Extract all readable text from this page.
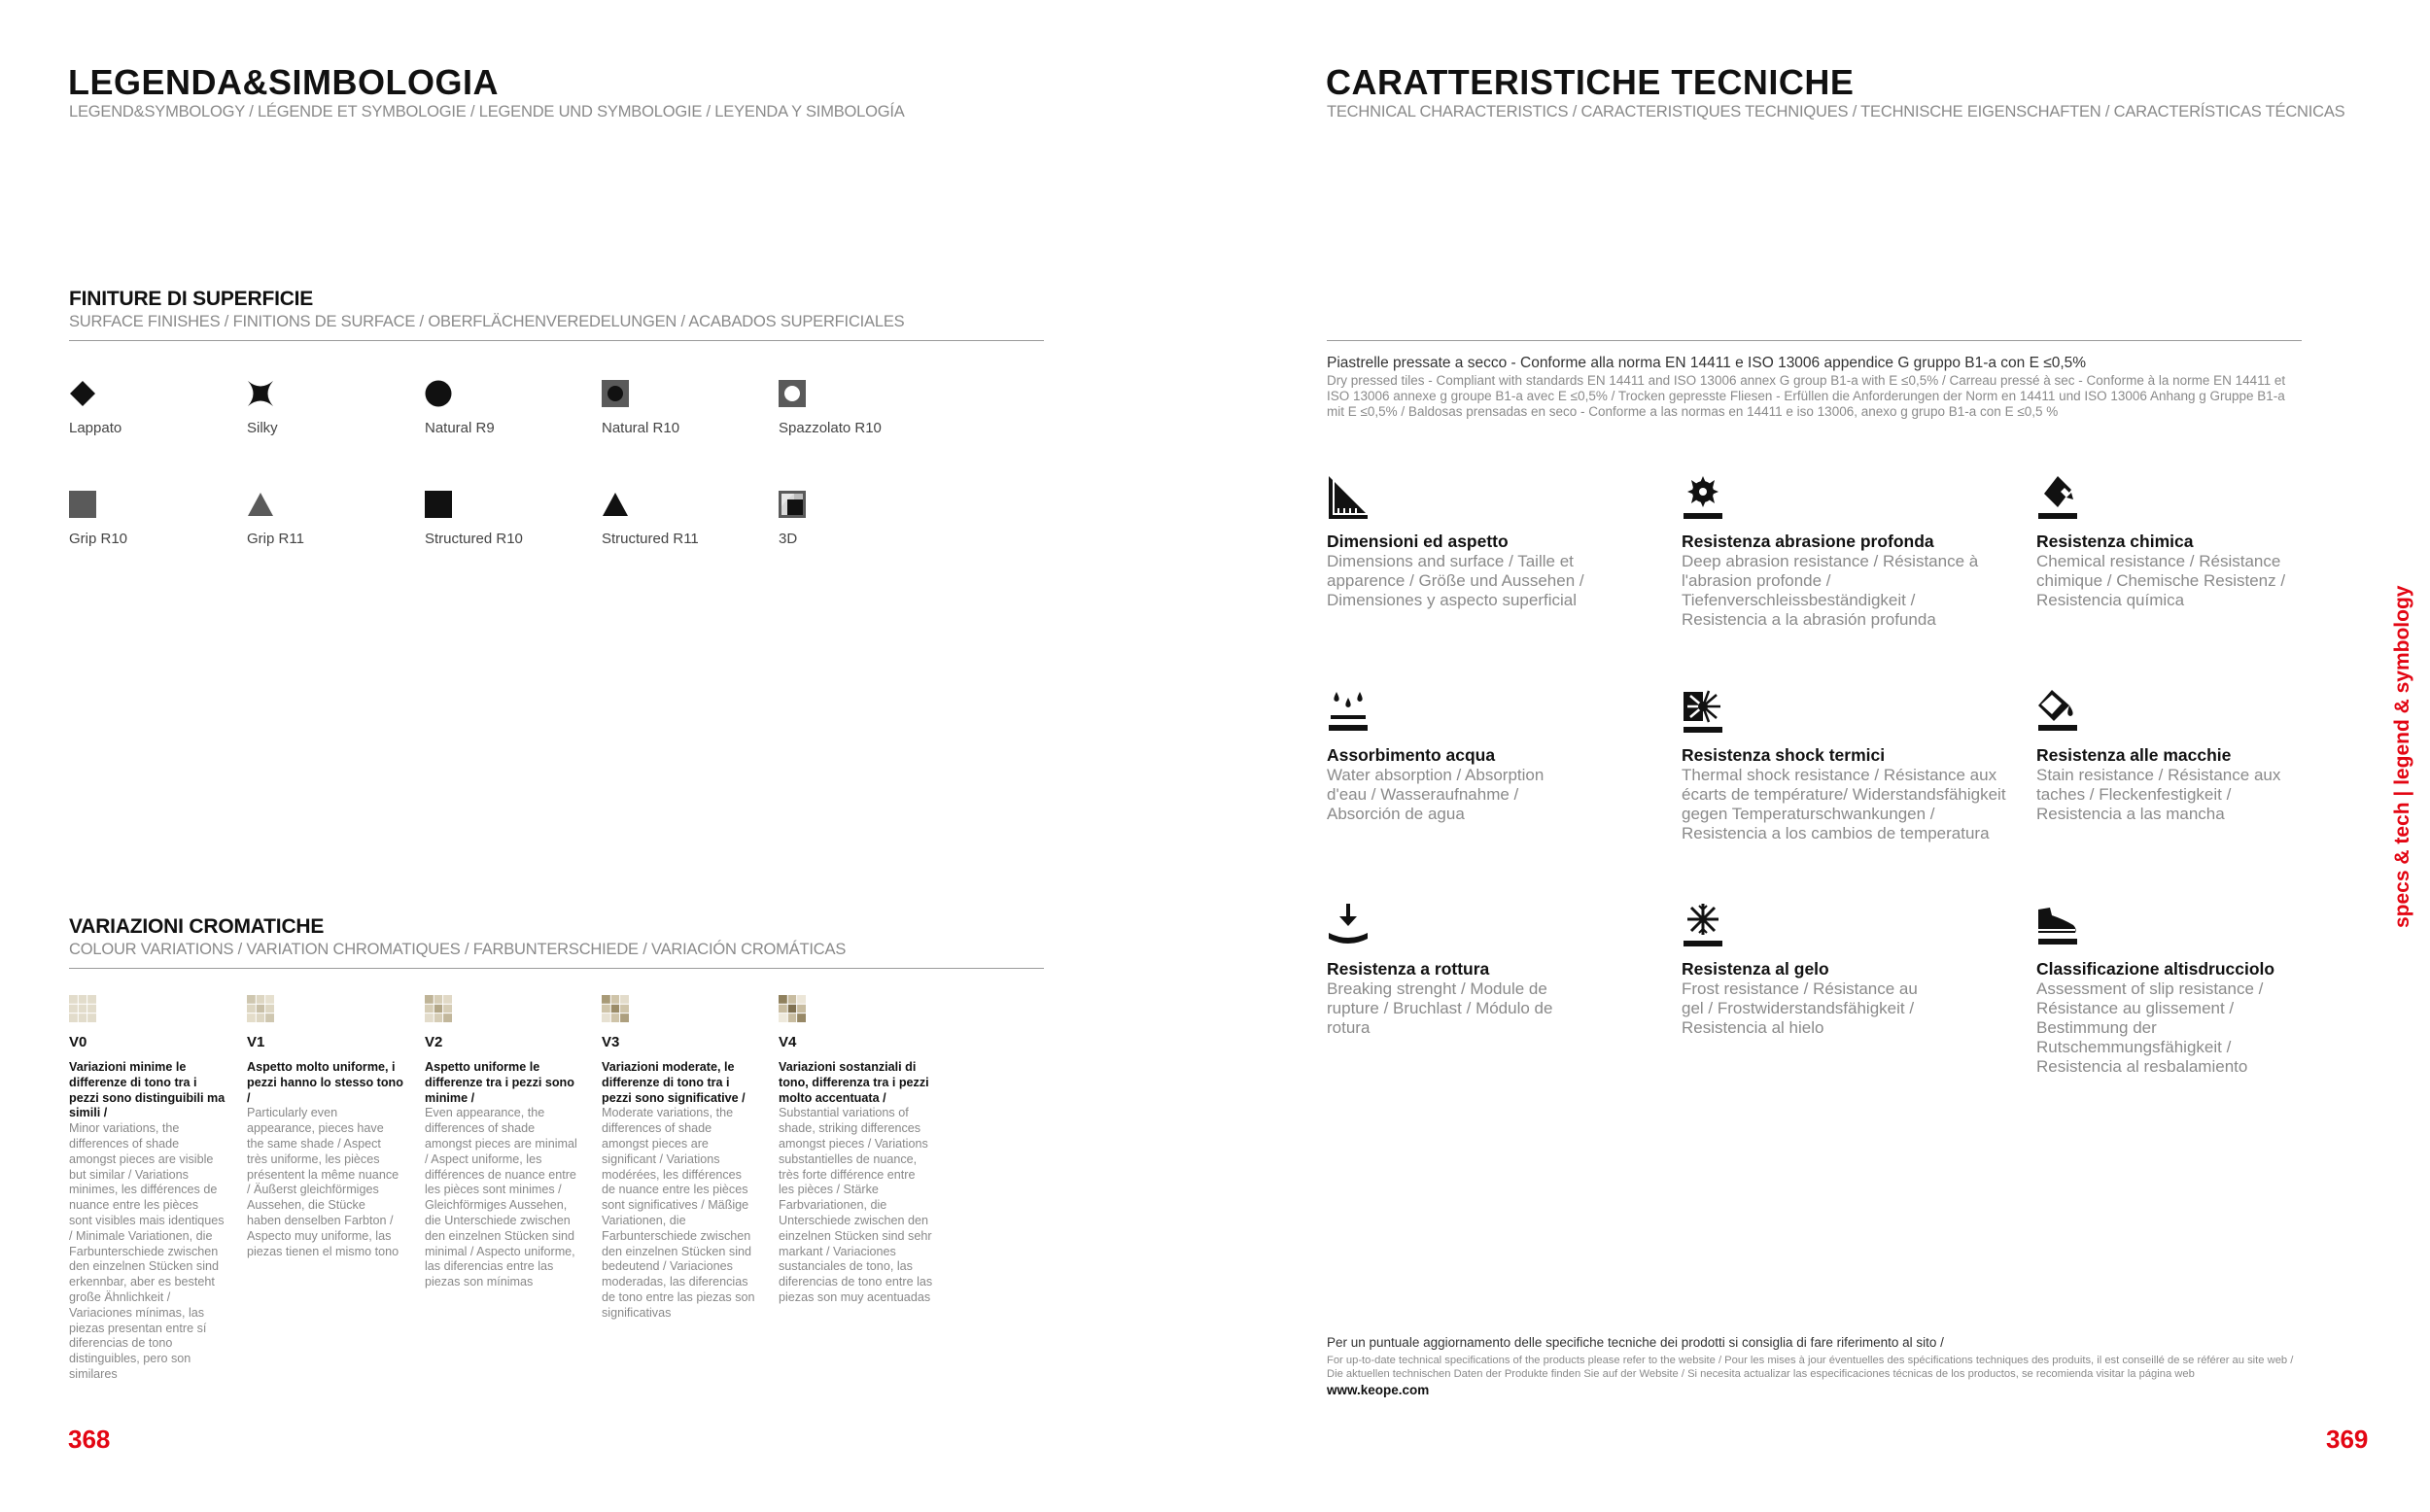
LEGENDA&SIMBOLOGIA
LEGEND&SYMBOLOGY / LÉGENDE ET SYMBOLOGIE / LEGENDE UND SYMBOLOGIE / LEYENDA Y SIMBOLOGÍA
FINITURE DI SUPERFICIE
SURFACE FINISHES / FINITIONS DE SURFACE / OBERFLÄCHENVEREDELUNGEN / ACABADOS SUPERFICIALES
Lappato	Silky	Natural R9	Natural R10	Spazzolato R10
Grip R10	Grip R11	Structured R10	Structured R11	3D
VARIAZIONI CROMATICHE
COLOUR VARIATIONS / VARIATION CHROMATIQUES / FARBUNTERSCHIEDE / VARIACIÓN CROMÁTICAS
V0
Variazioni minime le differenze di tono tra i pezzi sono distinguibili ma simili /
Minor variations, the differences of shade amongst pieces are visible but similar / Variations minimes, les différences de nuance entre les pièces sont visibles mais identiques / Minimale Variationen, die Farbunterschiede zwischen den einzelnen Stücken sind erkennbar, aber es besteht große Ähnlichkeit / Variaciones mínimas, las piezas presentan entre sí diferencias de tono distinguibles, pero son similares
V1
Aspetto molto uniforme, i pezzi hanno lo stesso tono /
Particularly even appearance, pieces have the same shade / Aspect très uniforme, les pièces présentent la même nuance / Äußerst gleichförmiges Aussehen, die Stücke haben denselben Farbton / Aspecto muy uniforme, las piezas tienen el mismo tono
V2
Aspetto uniforme le differenze tra i pezzi sono minime /
Even appearance, the differences of shade amongst pieces are minimal / Aspect uniforme, les différences de nuance entre les pièces sont minimes / Gleichförmiges Aussehen, die Unterschiede zwischen den einzelnen Stücken sind minimal / Aspecto uniforme, las diferencias entre las piezas son mínimas
V3
Variazioni moderate, le differenze di tono tra i pezzi sono significative /
Moderate variations, the differences of shade amongst pieces are significant / Variations modérées, les différences de nuance entre les pièces sont significatives / Mäßige Variationen, die Farbunterschiede zwischen den einzelnen Stücken sind bedeutend / Variaciones moderadas, las diferencias de tono entre las piezas son significativas
V4
Variazioni sostanziali di tono, differenza tra i pezzi molto accentuata /
Substantial variations of shade, striking differences amongst pieces / Variations substantielles de nuance, très forte différence entre les pièces / Stärke Farbvariationen, die Unterschiede zwischen den einzelnen Stücken sind sehr markant / Variaciones sustanciales de tono, las diferencias de tono entre las piezas son muy acentuadas
368
CARATTERISTICHE TECNICHE
TECHNICAL CHARACTERISTICS / CARACTERISTIQUES TECHNIQUES / TECHNISCHE EIGENSCHAFTEN / CARACTERÍSTICAS TÉCNICAS
Piastrelle pressate a secco - Conforme alla norma EN 14411 e ISO 13006 appendice G gruppo B1-a con E ≤0,5%
Dry pressed tiles - Compliant with standards EN 14411 and ISO 13006 annex G group B1-a with E ≤0,5% / Carreau pressé à sec - Conforme à la norme EN 14411 et ISO 13006 annexe g groupe B1-a avec E ≤0,5% / Trocken gepresste Fliesen - Erfüllen die Anforderungen der Norm en 14411 und ISO 13006 Anhang g Gruppe B1-a mit E ≤0,5% / Baldosas prensadas en seco - Conforme a las normas en 14411 e iso 13006, anexo g grupo B1-a con E ≤0,5 %
Dimensioni ed aspetto
Dimensions and surface / Taille et apparence / Größe und Aussehen / Dimensiones y aspecto superficial
Resistenza abrasione profonda
Deep abrasion resistance / Résistance à l'abrasion profonde / Tiefenverschleissbeständigkeit / Resistencia a la abrasión profunda
Resistenza chimica
Chemical resistance / Résistance chimique / Chemische Resistenz / Resistencia química
Assorbimento acqua
Water absorption / Absorption d'eau / Wasseraufnahme / Absorción de agua
Resistenza shock termici
Thermal shock resistance / Résistance aux écarts de température/ Widerstandsfähigkeit gegen Temperaturschwankungen / Resistencia a los cambios de temperatura
Resistenza alle macchie
Stain resistance / Résistance aux taches / Fleckenfestigkeit / Resistencia a las mancha
Resistenza a rottura
Breaking strenght / Module de rupture / Bruchlast / Módulo de rotura
Resistenza al gelo
Frost resistance / Résistance au gel / Frostwiderstandsfähigkeit / Resistencia al hielo
Classificazione altisdrucciolo
Assessment of slip resistance / Résistance au glissement / Bestimmung der Rutschemmungsfähigkeit / Resistencia al resbalamiento
Per un puntuale aggiornamento delle specifiche tecniche dei prodotti si consiglia di fare riferimento al sito /
For up-to-date technical specifications of the products please refer to the website / Pour les mises à jour éventuelles des spécifications techniques des produits, il est conseillé de se référer au site web /
Die aktuellen technischen Daten der Produkte finden Sie auf der Website / Si necesita actualizar las especificaciones técnicas de los productos, se recomienda visitar la página web
www.keope.com
369
specs & tech | legend & symbology
